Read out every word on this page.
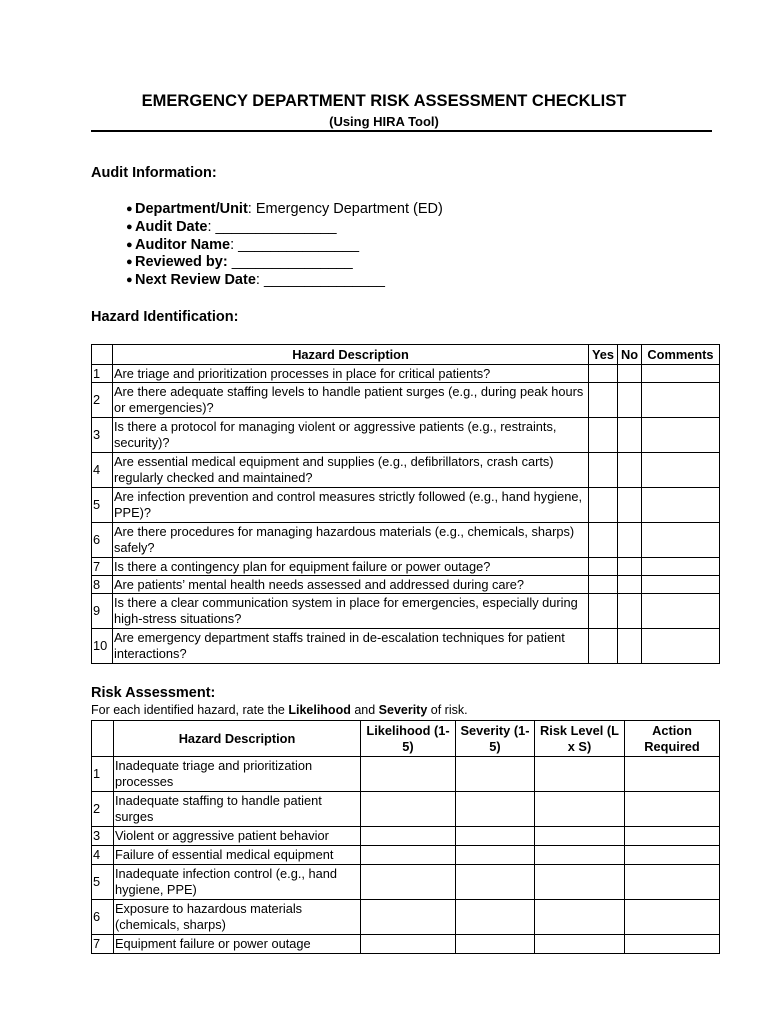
EMERGENCY DEPARTMENT RISK ASSESSMENT CHECKLIST
(Using HIRA Tool)
Audit Information:
● Department/Unit: Emergency Department (ED)
● Audit Date: _______________
● Auditor Name: _______________
● Reviewed by: _______________
● Next Review Date: _______________
Hazard Identification:
	Hazard Description	Yes	No	Comments
1	Are triage and prioritization processes in place for critical patients?			
2	Are there adequate staffing levels to handle patient surges (e.g., during peak hours or emergencies)?			
3	Is there a protocol for managing violent or aggressive patients (e.g., restraints, security)?			
4	Are essential medical equipment and supplies (e.g., defibrillators, crash carts) regularly checked and maintained?			
5	Are infection prevention and control measures strictly followed (e.g., hand hygiene, PPE)?			
6	Are there procedures for managing hazardous materials (e.g., chemicals, sharps) safely?			
7	Is there a contingency plan for equipment failure or power outage?			
8	Are patients’ mental health needs assessed and addressed during care?			
9	Is there a clear communication system in place for emergencies, especially during high-stress situations?			
10	Are emergency department staffs trained in de-escalation techniques for patient interactions?			
Risk Assessment:
For each identified hazard, rate the Likelihood and Severity of risk.
	Hazard Description	Likelihood (1-5)	Severity (1-5)	Risk Level (L x S)	Action Required
1	Inadequate triage and prioritization processes				
2	Inadequate staffing to handle patient surges				
3	Violent or aggressive patient behavior				
4	Failure of essential medical equipment				
5	Inadequate infection control (e.g., hand hygiene, PPE)				
6	Exposure to hazardous materials (chemicals, sharps)				
7	Equipment failure or power outage				
